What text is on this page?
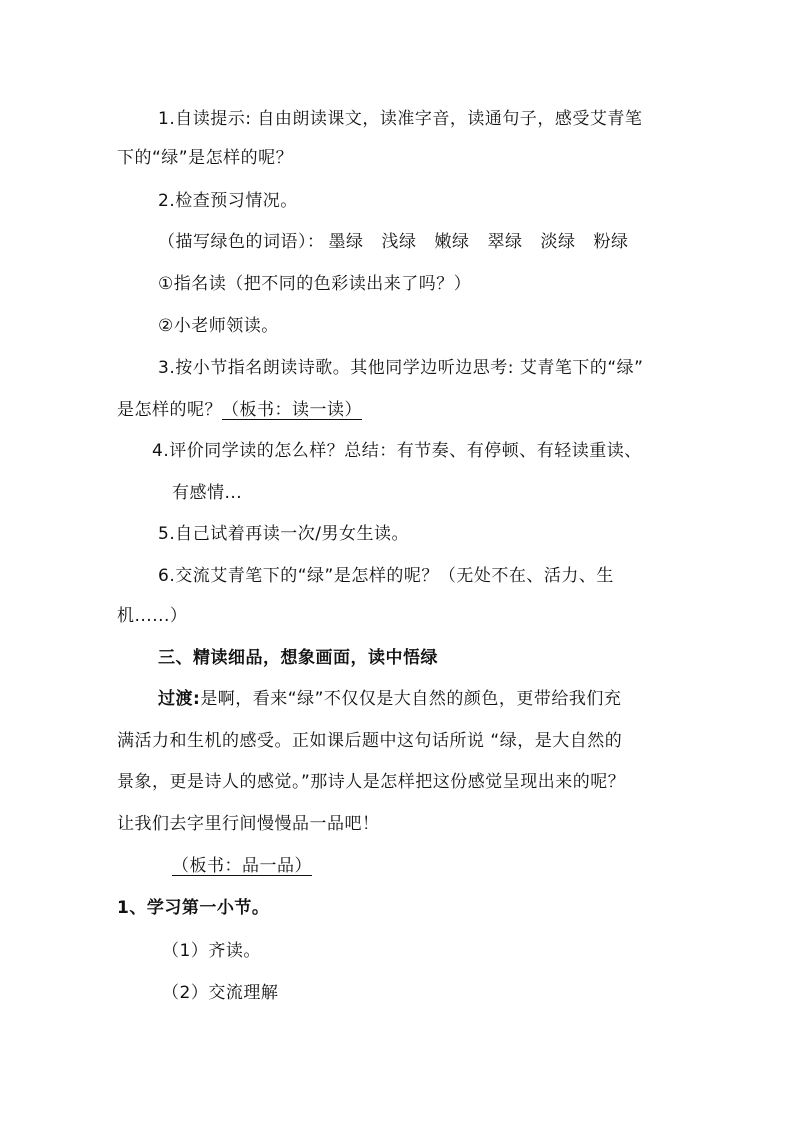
1.自读提示: 自由朗读课文，读准字音，读通句子，感受艾青笔
下的“绿”是怎样的呢？
2.检查预习情况。
（描写绿色的词语）： 墨绿 浅绿 嫩绿 翠绿 淡绿 粉绿
①指名读（把不同的色彩读出来了吗？）
②小老师领读。
3.按小节指名朗读诗歌。其他同学边听边思考: 艾青笔下的“绿”
是怎样的呢？（板书：读一读）
4.评价同学读的怎么样？总结：有节奏、有停顿、有轻读重读、
有感情...
5.自己试着再读一次/男女生读。
6.交流艾青笔下的“绿”是怎样的呢？（无处不在、活力、生
机......）
三、精读细品，想象画面，读中悟绿
过渡:是啊，看来“绿”不仅仅是大自然的颜色，更带给我们充
满活力和生机的感受。正如课后题中这句话所说 “绿，是大自然的
景象，更是诗人的感觉。”那诗人是怎样把这份感觉呈现出来的呢？
让我们去字里行间慢慢品一品吧！
（板书：品一品）
1、学习第一小节。
（1）齐读。
（2）交流理解
